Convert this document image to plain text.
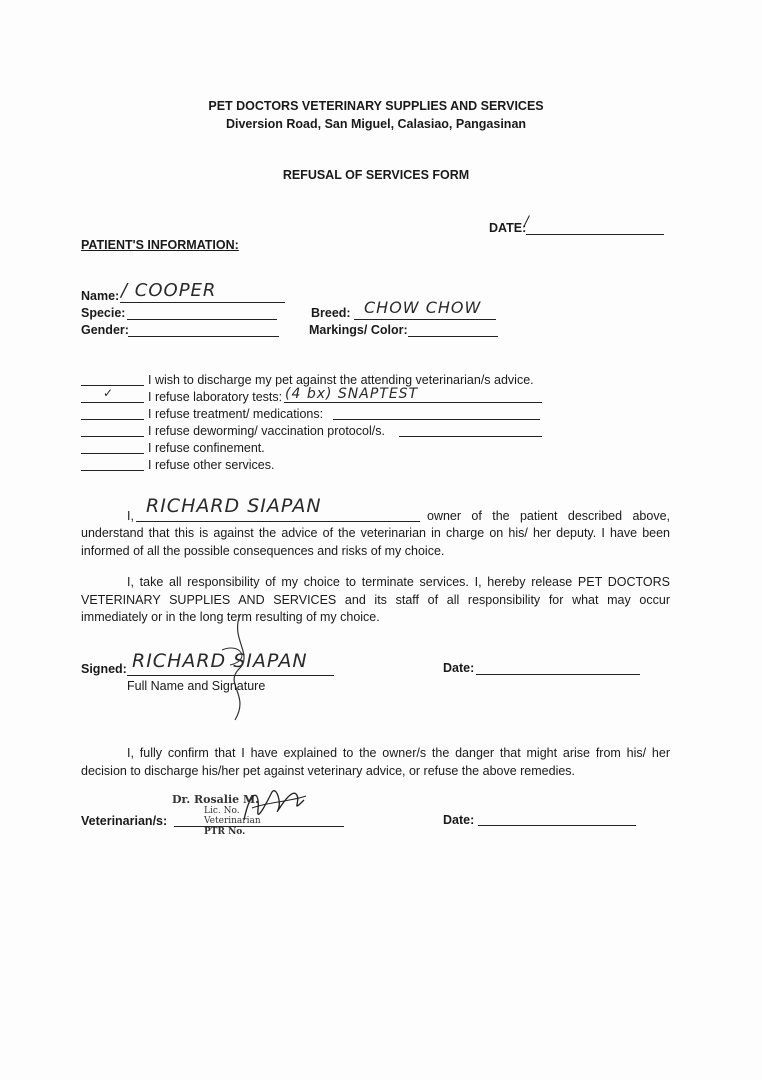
PET DOCTORS VETERINARY SUPPLIES AND SERVICES
Diversion Road, San Miguel, Calasiao, Pangasinan
REFUSAL OF SERVICES FORM
DATE:
/
PATIENT'S INFORMATION:
Name: / COOPER
Specie:
Gender:
Breed: CHOW CHOW
Markings/ Color:
I wish to discharge my pet against the attending veterinarian/s advice.
✓	I refuse laboratory tests: (4 bx) SNAPTEST
I refuse treatment/ medications:
I refuse deworming/ vaccination protocol/s.
I refuse confinement.
I refuse other services.
I, RICHARD SIAPAN	owner of the patient described above,
understand that this is against the advice of the veterinarian in charge on his/ her deputy. I have been informed of all the possible consequences and risks of my choice.
I, take all responsibility of my choice to terminate services. I, hereby release PET DOCTORS VETERINARY SUPPLIES AND SERVICES and its staff of all responsibility for what may occur immediately or in the long term resulting of my choice.
Signed: RICHARD SIAPAN
Full Name and Signature
Date:
I, fully confirm that I have explained to the owner/s the danger that might arise from his/ her decision to discharge his/her pet against veterinary advice, or refuse the above remedies.
Dr. Rosalie M.
Lic. No.
Veterinarian
PTR No.
Veterinarian/s:	Date:
